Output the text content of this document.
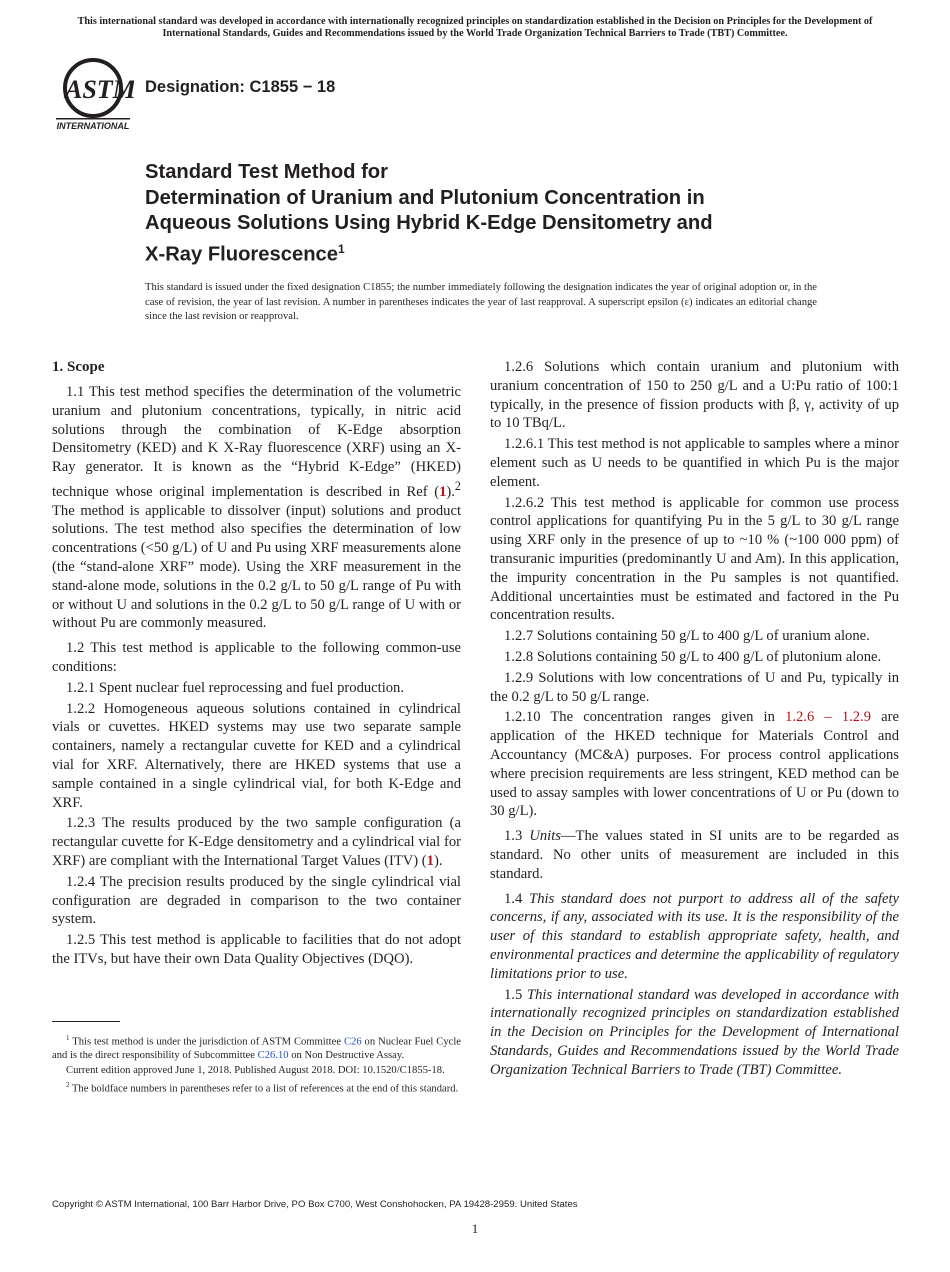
This international standard was developed in accordance with internationally recognized principles on standardization established in the Decision on Principles for the Development of International Standards, Guides and Recommendations issued by the World Trade Organization Technical Barriers to Trade (TBT) Committee.
ASTM
INTERNATIONAL
Designation: C1855 − 18
Standard Test Method for
Determination of Uranium and Plutonium Concentration in
Aqueous Solutions Using Hybrid K-Edge Densitometry and
X-Ray Fluorescence$^1$
This standard is issued under the fixed designation C1855; the number immediately following the designation indicates the year of original adoption or, in the case of revision, the year of last revision. A number in parentheses indicates the year of last reapproval. A superscript epsilon (ε) indicates an editorial change since the last revision or reapproval.
1. Scope

1.1 This test method specifies the determination of the volumetric uranium and plutonium concentrations, typically, in nitric acid solutions through the combination of K-Edge absorption Densitometry (KED) and K X-Ray fluorescence (XRF) using an X-Ray generator. It is known as the “Hybrid K-Edge” (HKED) technique whose original implementation is described in Ref (1).$^2$ The method is applicable to dissolver (input) solutions and product solutions. The test method also specifies the determination of low concentrations (<50 g/L) of U and Pu using XRF measurements alone (the “stand-alone XRF” mode). Using the XRF measurement in the stand-alone mode, solutions in the 0.2 g/L to 50 g/L range of Pu with or without U and solutions in the 0.2 g/L to 50 g/L range of U with or without Pu are commonly measured.

1.2 This test method is applicable to the following common-use conditions:

1.2.1 Spent nuclear fuel reprocessing and fuel production.

1.2.2 Homogeneous aqueous solutions contained in cylindrical vials or cuvettes. HKED systems may use two separate sample containers, namely a rectangular cuvette for KED and a cylindrical vial for XRF. Alternatively, there are HKED systems that use a sample contained in a single cylindrical vial, for both K-Edge and XRF.

1.2.3 The results produced by the two sample configuration (a rectangular cuvette for K-Edge densitometry and a cylindrical vial for XRF) are compliant with the International Target Values (ITV) (1).

1.2.4 The precision results produced by the single cylindrical vial configuration are degraded in comparison to the two container system.

1.2.5 This test method is applicable to facilities that do not adopt the ITVs, but have their own Data Quality Objectives (DQO).

$^1$ This test method is under the jurisdiction of ASTM Committee C26 on Nuclear Fuel Cycle and is the direct responsibility of Subcommittee C26.10 on Non Destructive Assay.

Current edition approved June 1, 2018. Published August 2018. DOI: 10.1520/C1855-18.

$^2$ The boldface numbers in parentheses refer to a list of references at the end of this standard.

1.2.6 Solutions which contain uranium and plutonium with uranium concentration of 150 to 250 g/L and a U:Pu ratio of 100:1 typically, in the presence of fission products with β, γ, activity of up to 10 TBq/L.

1.2.6.1 This test method is not applicable to samples where a minor element such as U needs to be quantified in which Pu is the major element.

1.2.6.2 This test method is applicable for common use process control applications for quantifying Pu in the 5 g/L to 30 g/L range using XRF only in the presence of up to ~10 % (~100 000 ppm) of transuranic impurities (predominantly U and Am). In this application, the impurity concentration in the Pu samples is not quantified. Additional uncertainties must be estimated and factored in the Pu concentration results.

1.2.7 Solutions containing 50 g/L to 400 g/L of uranium alone.

1.2.8 Solutions containing 50 g/L to 400 g/L of plutonium alone.

1.2.9 Solutions with low concentrations of U and Pu, typically in the 0.2 g/L to 50 g/L range.

1.2.10 The concentration ranges given in 1.2.6 – 1.2.9 are application of the HKED technique for Materials Control and Accountancy (MC&A) purposes. For process control applications where precision requirements are less stringent, KED method can be used to assay samples with lower concentrations of U or Pu (down to 30 g/L).

1.3 Units—The values stated in SI units are to be regarded as standard. No other units of measurement are included in this standard.

1.4 This standard does not purport to address all of the safety concerns, if any, associated with its use. It is the responsibility of the user of this standard to establish appropriate safety, health, and environmental practices and determine the applicability of regulatory limitations prior to use.

1.5 This international standard was developed in accordance with internationally recognized principles on standardization established in the Decision on Principles for the Development of International Standards, Guides and Recommendations issued by the World Trade Organization Technical Barriers to Trade (TBT) Committee.

Copyright © ASTM International, 100 Barr Harbor Drive, PO Box C700, West Conshohocken, PA 19428-2959. United States
1
